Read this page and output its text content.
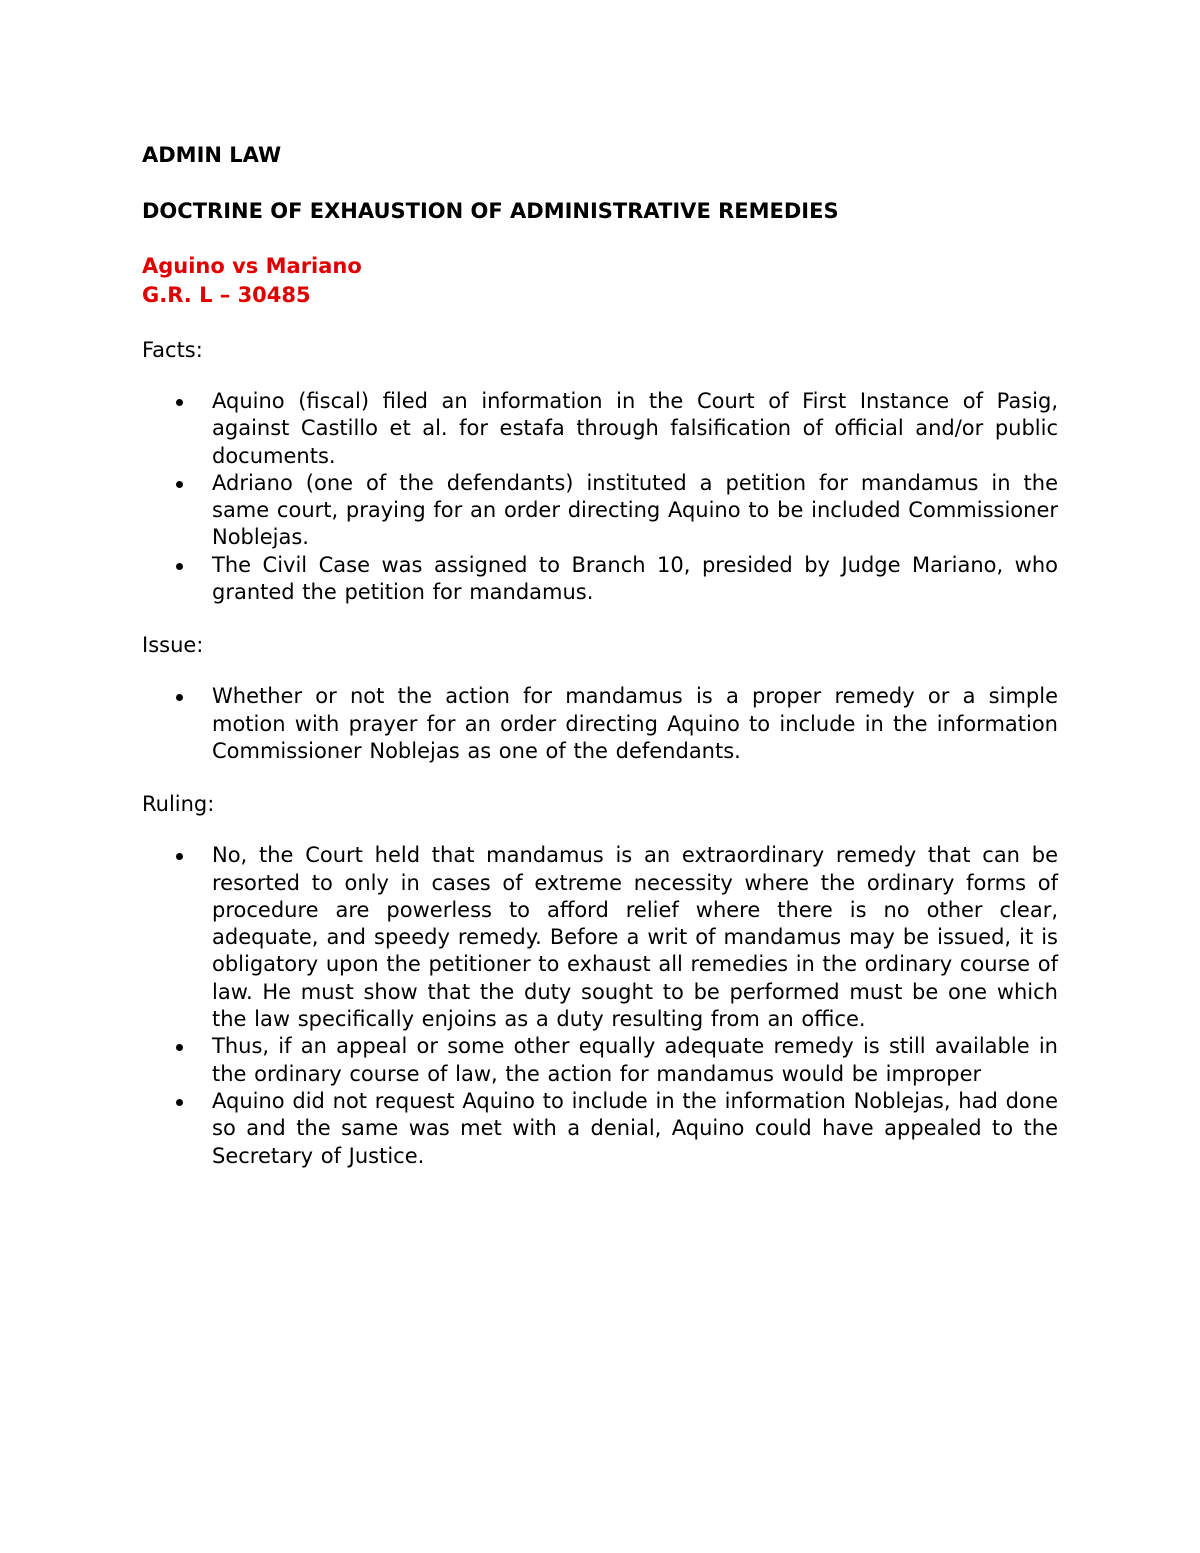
ADMIN LAW

DOCTRINE OF EXHAUSTION OF ADMINISTRATIVE REMEDIES

Aguino vs Mariano

G.R. L – 30485

Facts:

Aquino (fiscal) filed an information in the Court of First Instance of Pasig, against Castillo et al. for estafa through falsification of official and/or public documents.
Adriano (one of the defendants) instituted a petition for mandamus in the same court, praying for an order directing Aquino to be included Commissioner Noblejas.
The Civil Case was assigned to Branch 10, presided by Judge Mariano, who granted the petition for mandamus.

Issue:

Whether or not the action for mandamus is a proper remedy or a simple motion with prayer for an order directing Aquino to include in the information Commissioner Noblejas as one of the defendants.

Ruling:

No, the Court held that mandamus is an extraordinary remedy that can be resorted to only in cases of extreme necessity where the ordinary forms of procedure are powerless to afford relief where there is no other clear, adequate, and speedy remedy. Before a writ of mandamus may be issued, it is obligatory upon the petitioner to exhaust all remedies in the ordinary course of law. He must show that the duty sought to be performed must be one which the law specifically enjoins as a duty resulting from an office.
Thus, if an appeal or some other equally adequate remedy is still available in the ordinary course of law, the action for mandamus would be improper
Aquino did not request Aquino to include in the information Noblejas, had done so and the same was met with a denial, Aquino could have appealed to the Secretary of Justice.
